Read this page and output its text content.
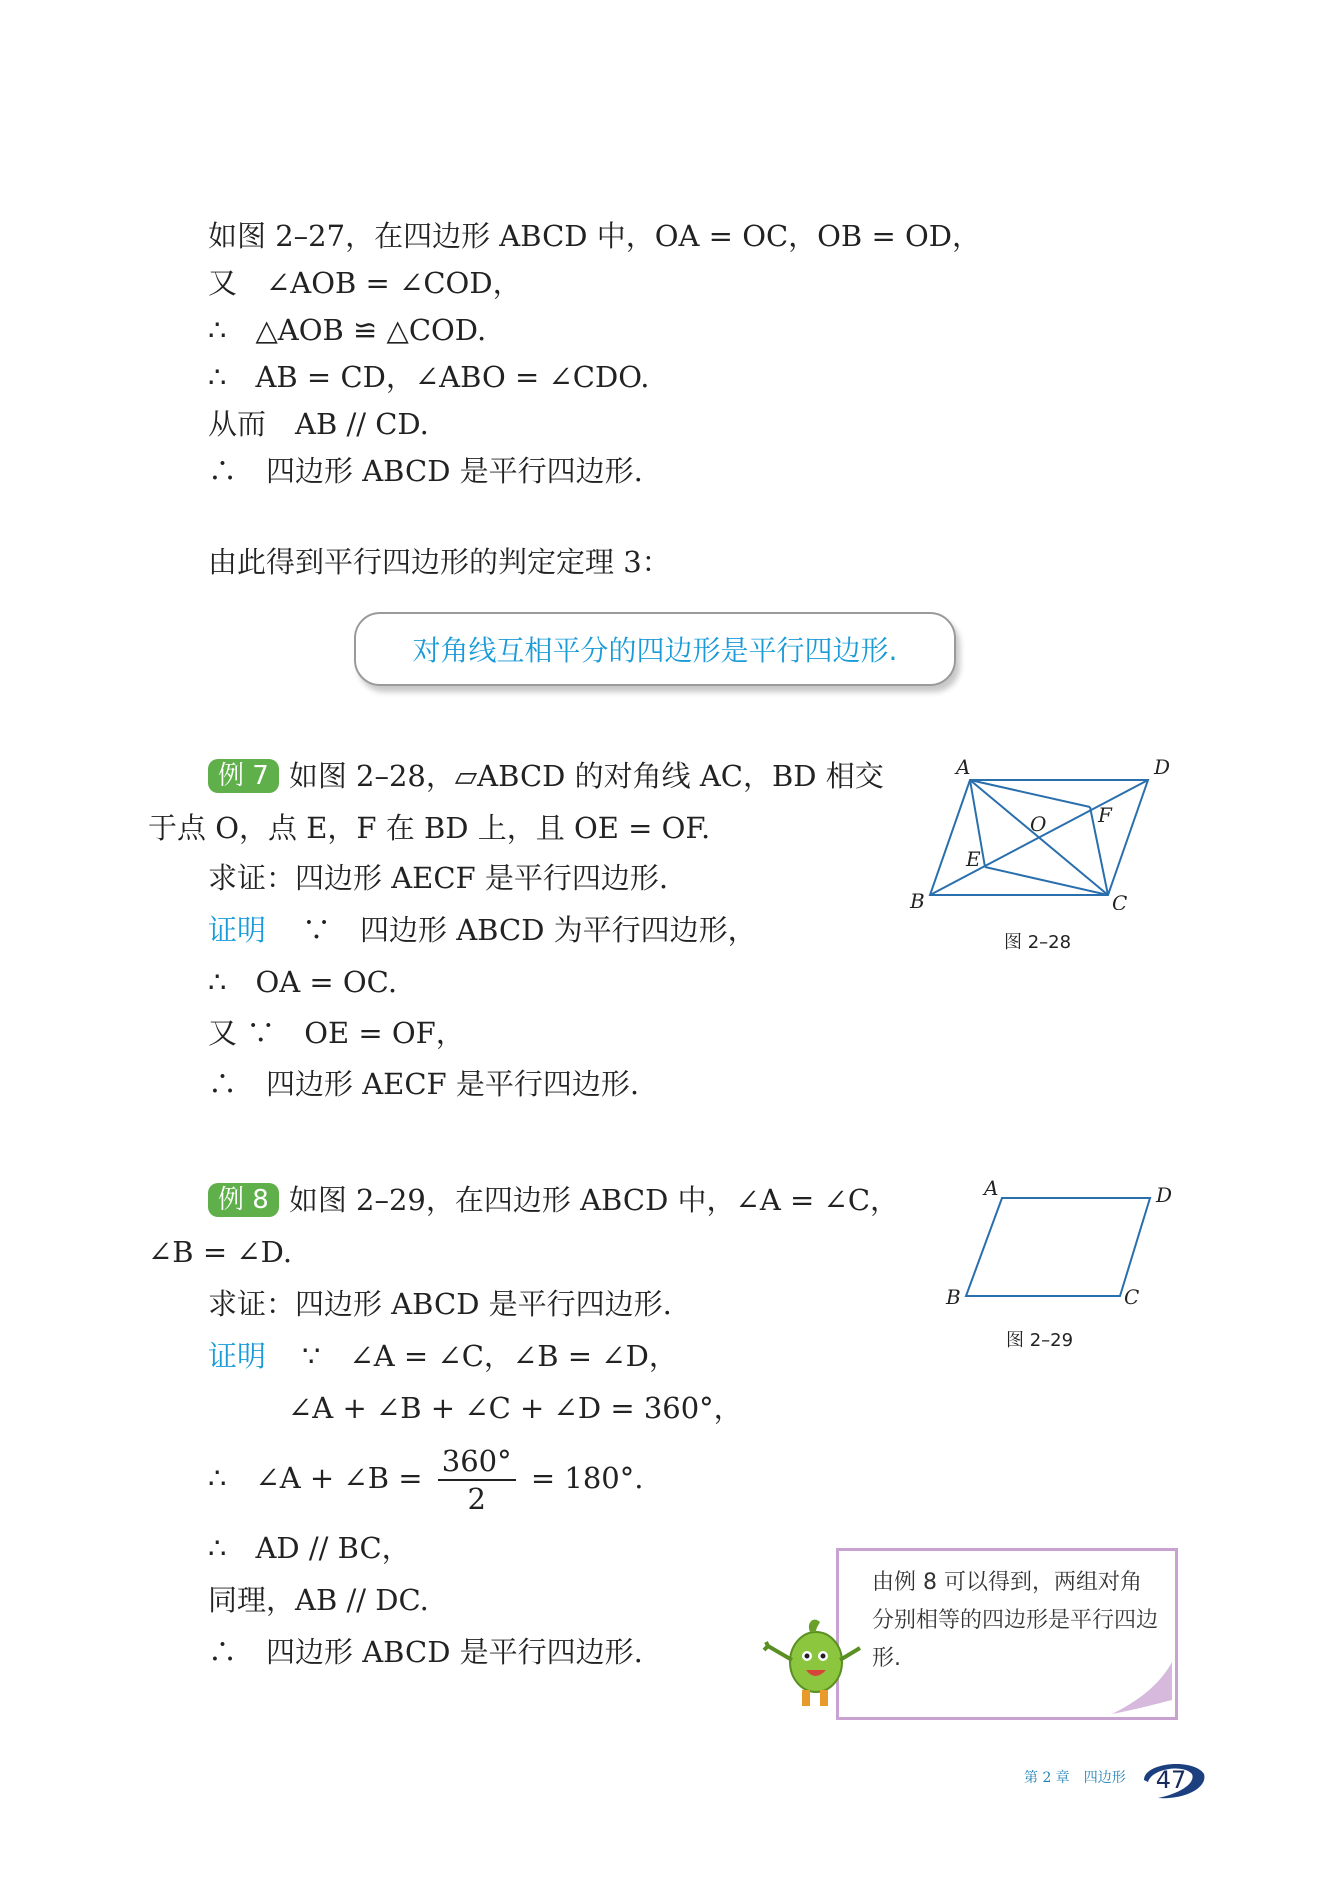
如图 2–27，在四边形 ABCD 中，OA = OC，OB = OD，
又　∠AOB = ∠COD，
∴　△AOB ≌ △COD.
∴　AB = CD，∠ABO = ∠CDO.
从而　AB // CD.
∴　四边形 ABCD 是平行四边形.
由此得到平行四边形的判定定理 3：
对角线互相平分的四边形是平行四边形.
例 7 如图 2–28，▱ABCD 的对角线 AC，BD 相交
于点 O，点 E，F 在 BD 上，且 OE = OF.
求证：四边形 AECF 是平行四边形.
证明 ∵　四边形 ABCD 为平行四边形，
∴　OA = OC.
又 ∵　OE = OF，
∴　四边形 AECF 是平行四边形.
A	D
B	C
O
E
F
图 2–28
例 8 如图 2–29，在四边形 ABCD 中，∠A = ∠C，
∠B = ∠D.
求证：四边形 ABCD 是平行四边形.
证明 ∵　∠A = ∠C，∠B = ∠D，
∠A + ∠B + ∠C + ∠D = 360°，
∴　∠A + ∠B = $\frac{360^\circ}{2} = 180^\circ$.
∴　AD // BC，
同理，AB // DC.
∴　四边形 ABCD 是平行四边形.
A	D
B	C
图 2–29
由例 8 可以得到，两组对角分别相等的四边形是平行四边形.
第 2 章　四边形	47
